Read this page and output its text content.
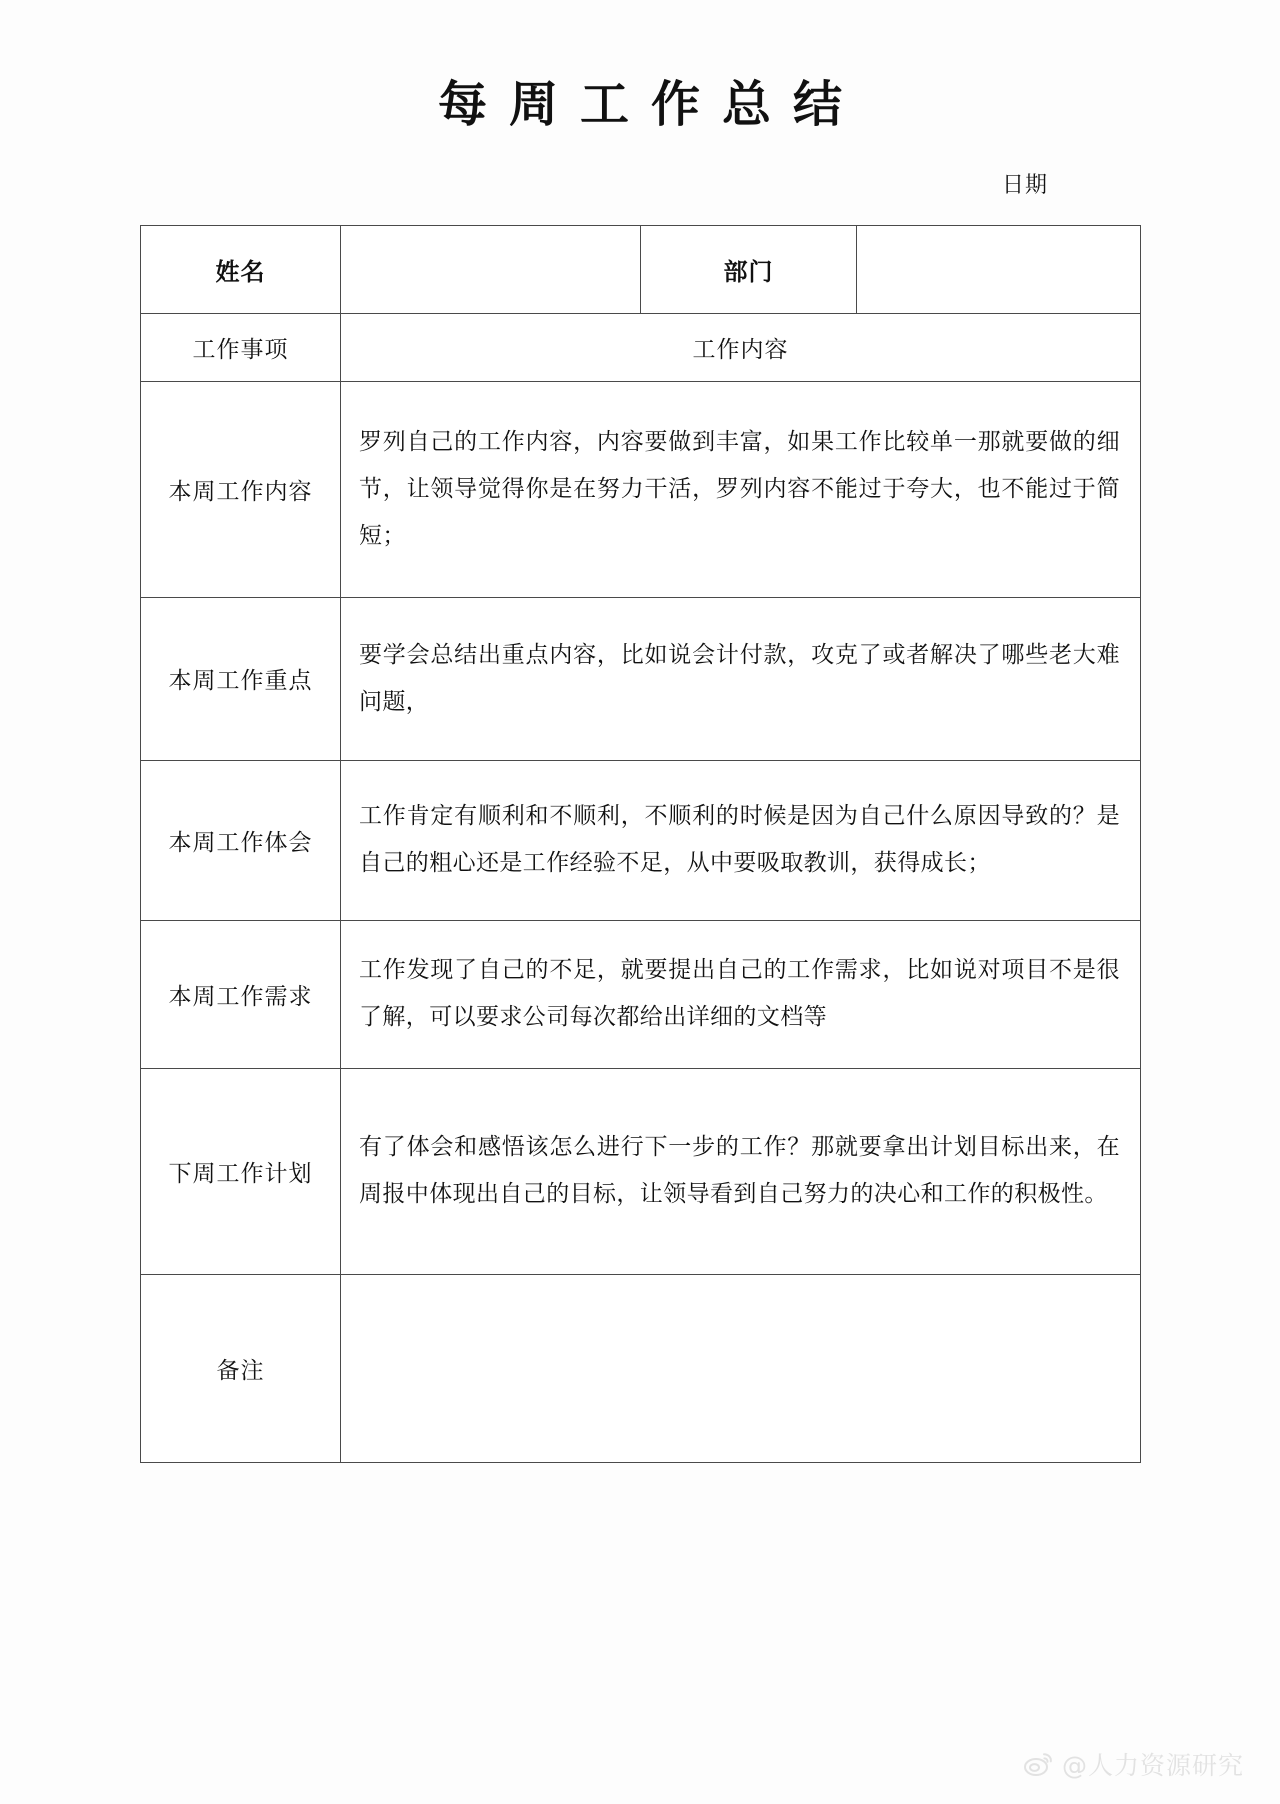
每周工作总结
日期
姓名		部门	
工作事项	工作内容		
本周工作内容	罗列自己的工作内容，内容要做到丰富，如果工作比较单一那就要做的细节，让领导觉得你是在努力干活，罗列内容不能过于夸大，也不能过于简短；		
本周工作重点	要学会总结出重点内容，比如说会计付款，攻克了或者解决了哪些老大难问题，		
本周工作体会	工作肯定有顺利和不顺利，不顺利的时候是因为自己什么原因导致的？是自己的粗心还是工作经验不足，从中要吸取教训，获得成长；		
本周工作需求	工作发现了自己的不足，就要提出自己的工作需求，比如说对项目不是很了解，可以要求公司每次都给出详细的文档等		
下周工作计划	有了体会和感悟该怎么进行下一步的工作？那就要拿出计划目标出来，在周报中体现出自己的目标，让领导看到自己努力的决心和工作的积极性。		
备注			
@人力资源研究
